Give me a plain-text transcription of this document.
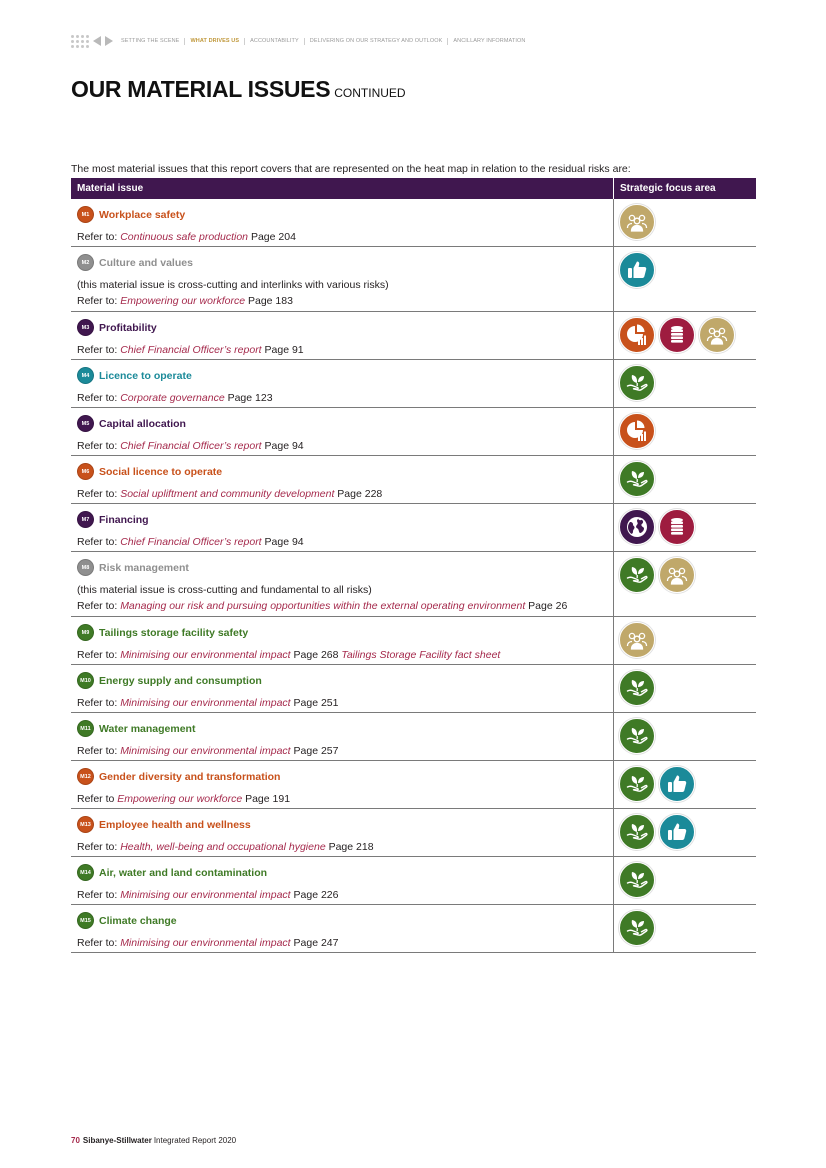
SETTING THE SCENE WHAT DRIVES US ACCOUNTABILITY DELIVERING ON OUR STRATEGY AND OUTLOOK ANCILLARY INFORMATION
OUR MATERIAL ISSUES CONTINUED
The most material issues that this report covers that are represented on the heat map in relation to the residual risks are:
Material issue	Strategic focus area
M1 Workplace safety
Refer to: Continuous safe production Page 204
M2 Culture and values
(this material issue is cross-cutting and interlinks with various risks)
Refer to: Empowering our workforce Page 183
M3 Profitability
Refer to: Chief Financial Officer’s report Page 91
M4 Licence to operate
Refer to: Corporate governance Page 123
M5 Capital allocation
Refer to: Chief Financial Officer’s report Page 94
M6 Social licence to operate
Refer to: Social upliftment and community development Page 228
M7 Financing
Refer to: Chief Financial Officer’s report Page 94
M8 Risk management
(this material issue is cross-cutting and fundamental to all risks)
Refer to: Managing our risk and pursuing opportunities within the external operating environment Page 26
M9 Tailings storage facility safety
Refer to: Minimising our environmental impact Page 268 Tailings Storage Facility fact sheet
M10 Energy supply and consumption
Refer to: Minimising our environmental impact Page 251
M11 Water management
Refer to: Minimising our environmental impact Page 257
M12 Gender diversity and transformation
Refer to Empowering our workforce Page 191
M13 Employee health and wellness
Refer to: Health, well-being and occupational hygiene Page 218
M14 Air, water and land contamination
Refer to: Minimising our environmental impact Page 226
M15 Climate change
Refer to: Minimising our environmental impact Page 247
70 Sibanye-Stillwater Integrated Report 2020
